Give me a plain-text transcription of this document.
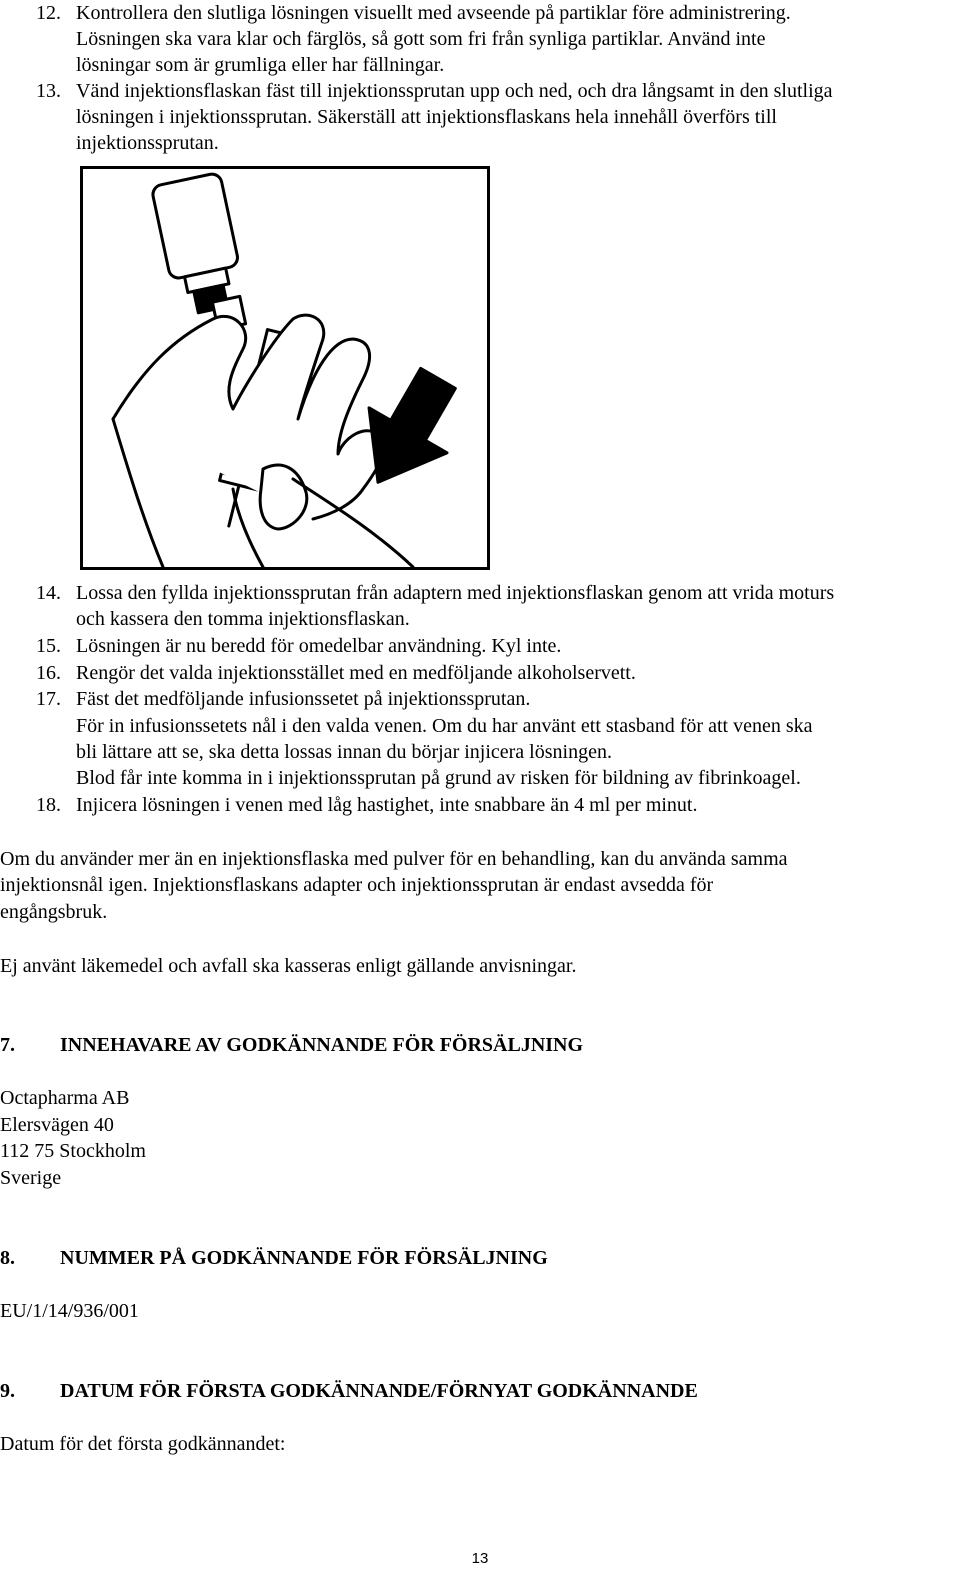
12. Kontrollera den slutliga lösningen visuellt med avseende på partiklar före administrering.
Lösningen ska vara klar och färglös, så gott som fri från synliga partiklar. Använd inte
lösningar som är grumliga eller har fällningar.
13. Vänd injektionsflaskan fäst till injektionssprutan upp och ned, och dra långsamt in den slutliga
lösningen i injektionssprutan. Säkerställ att injektionsflaskans hela innehåll överförs till
injektionssprutan.
14. Lossa den fyllda injektionssprutan från adaptern med injektionsflaskan genom att vrida moturs
och kassera den tomma injektionsflaskan.
15. Lösningen är nu beredd för omedelbar användning. Kyl inte.
16. Rengör det valda injektionsstället med en medföljande alkoholservett.
17. Fäst det medföljande infusionssetet på injektionssprutan.
För in infusionssetets nål i den valda venen. Om du har använt ett stasband för att venen ska
bli lättare att se, ska detta lossas innan du börjar injicera lösningen.
Blod får inte komma in i injektionssprutan på grund av risken för bildning av fibrinkoagel.
18. Injicera lösningen i venen med låg hastighet, inte snabbare än 4 ml per minut.
Om du använder mer än en injektionsflaska med pulver för en behandling, kan du använda samma
injektionsnål igen. Injektionsflaskans adapter och injektionssprutan är endast avsedda för
engångsbruk.
Ej använt läkemedel och avfall ska kasseras enligt gällande anvisningar.
7. INNEHAVARE AV GODKÄNNANDE FÖR FÖRSÄLJNING
Octapharma AB
Elersvägen 40
112 75 Stockholm
Sverige
8. NUMMER PÅ GODKÄNNANDE FÖR FÖRSÄLJNING
EU/1/14/936/001
9. DATUM FÖR FÖRSTA GODKÄNNANDE/FÖRNYAT GODKÄNNANDE
Datum för det första godkännandet:
13
